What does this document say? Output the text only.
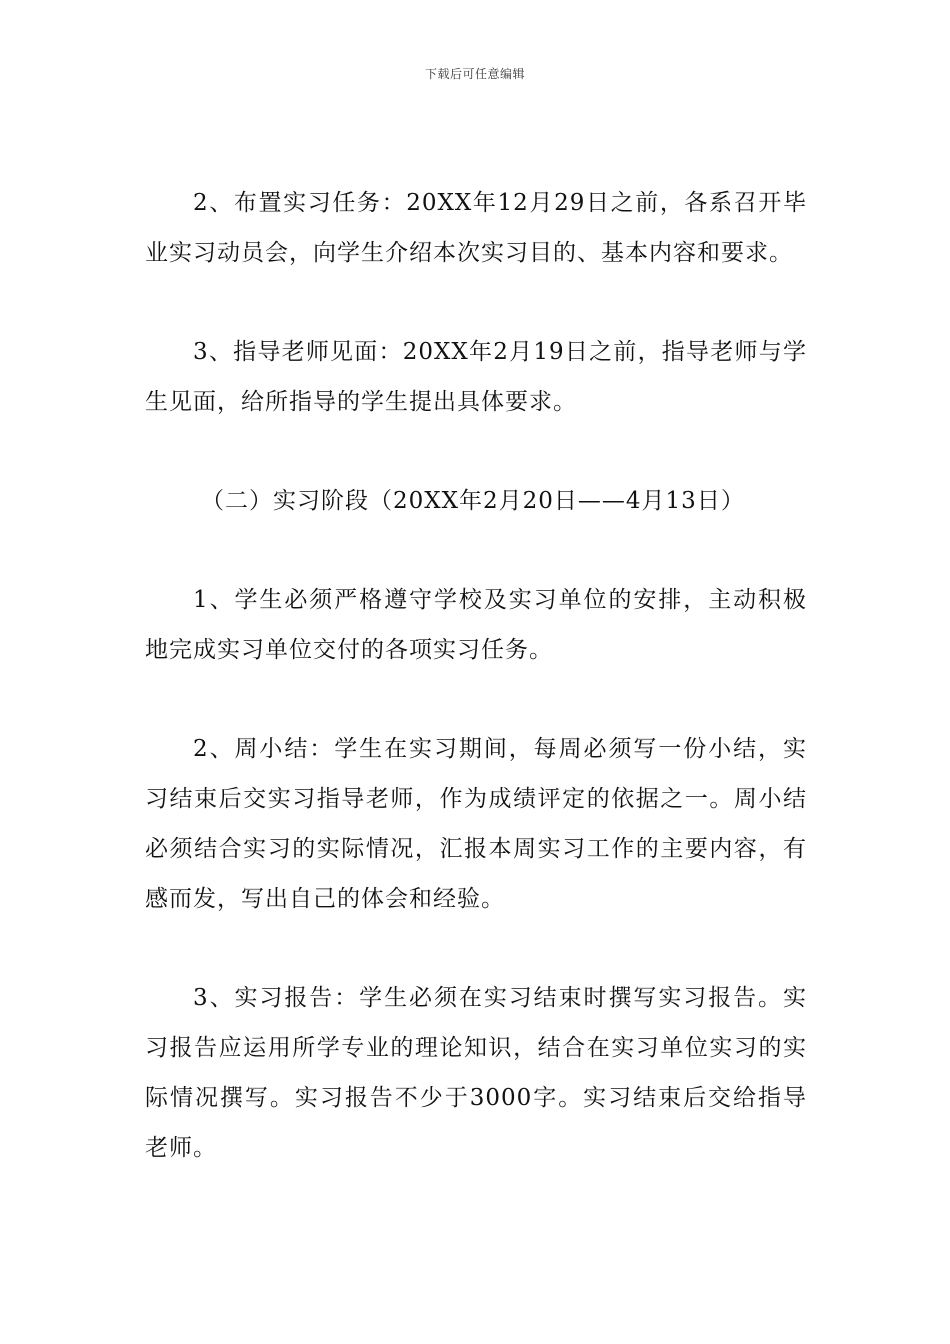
下载后可任意编辑

2、布置实习任务：20XX年12月29日之前，各系召开毕业实习动员会，向学生介绍本次实习目的、基本内容和要求。

3、指导老师见面：20XX年2月19日之前，指导老师与学生见面，给所指导的学生提出具体要求。

（二）实习阶段（20XX年2月20日——4月13日）

1、学生必须严格遵守学校及实习单位的安排，主动积极地完成实习单位交付的各项实习任务。

2、周小结：学生在实习期间，每周必须写一份小结，实习结束后交实习指导老师，作为成绩评定的依据之一。周小结必须结合实习的实际情况，汇报本周实习工作的主要内容，有感而发，写出自己的体会和经验。

3、实习报告：学生必须在实习结束时撰写实习报告。实习报告应运用所学专业的理论知识，结合在实习单位实习的实际情况撰写。实习报告不少于3000字。实习结束后交给指导老师。
